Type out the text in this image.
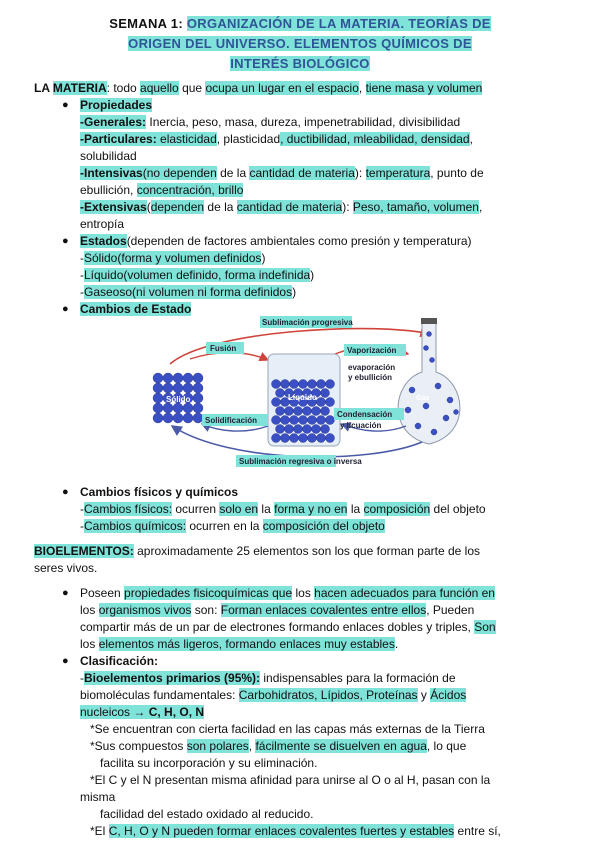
SEMANA 1: ORGANIZACIÓN DE LA MATERIA. TEORÍAS DE
ORIGEN DEL UNIVERSO. ELEMENTOS QUÍMICOS DE
INTERÉS BIOLÓGICO
LA MATERIA: todo aquello que ocupa un lugar en el espacio, tiene masa y volumen
● Propiedades
-Generales: Inercia, peso, masa, dureza, impenetrabilidad, divisibilidad
-Particulares: elasticidad, plasticidad, ductibilidad, mleabilidad, densidad,
solubilidad
-Intensivas(no dependen de la cantidad de materia): temperatura, punto de
ebullición, concentración, brillo
-Extensivas(dependen de la cantidad de materia): Peso, tamaño, volumen,
entropía
● Estados(dependen de factores ambientales como presión y temperatura)
-Sólido(forma y volumen definidos)
-Líquido(volumen definido, forma indefinida)
-Gaseoso(ni volumen ni forma definidos)
● Cambios de Estado
Sublimación progresiva
Fusión	Vaporización
evaporación
y ebullición
Sólido	Líquido	Gas
Solidificación
Condensación
y licuación
Sublimación regresiva o inversa
● Cambios físicos y químicos
-Cambios físicos: ocurren solo en la forma y no en la composición del objeto
-Cambios químicos: ocurren en la composición del objeto
BIOELEMENTOS: aproximadamente 25 elementos son los que forman parte de los
seres vivos.
● Poseen propiedades fisicoquímicas que los hacen adecuados para función en
los organismos vivos son: Forman enlaces covalentes entre ellos, Pueden
compartir más de un par de electrones formando enlaces dobles y triples, Son
los elementos más ligeros, formando enlaces muy estables.
● Clasificación:
-Bioelementos primarios (95%): indispensables para la formación de
biomoléculas fundamentales: Carbohidratos, Lípidos, Proteínas y Ácidos
nucleicos → C, H, O, N
*Se encuentran con cierta facilidad en las capas más externas de la Tierra
*Sus compuestos son polares, fácilmente se disuelven en agua, lo que
facilita su incorporación y su eliminación.
*El C y el N presentan misma afinidad para unirse al O o al H, pasan con la
misma
facilidad del estado oxidado al reducido.
*El C, H, O y N pueden formar enlaces covalentes fuertes y estables entre sí,
